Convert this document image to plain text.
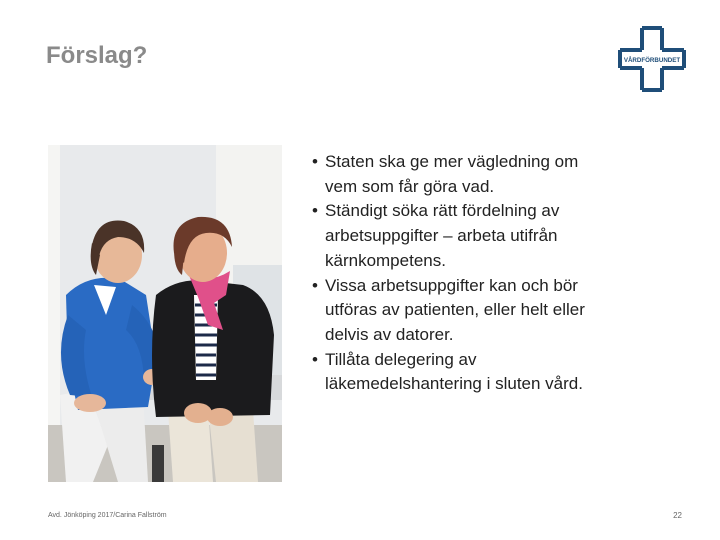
Förslag?	VÅRDFÖRBUNDET
• Staten ska ge mer vägledning om vem som får göra vad.
• Ständigt söka rätt fördelning av arbetsuppgifter – arbeta utifrån kärnkompetens.
• Vissa arbetsuppgifter kan och bör utföras av patienten, eller helt eller delvis av datorer.
• Tillåta delegering av läkemedelshantering i sluten vård.
Avd. Jönköping 2017/Carina Fallström	22
